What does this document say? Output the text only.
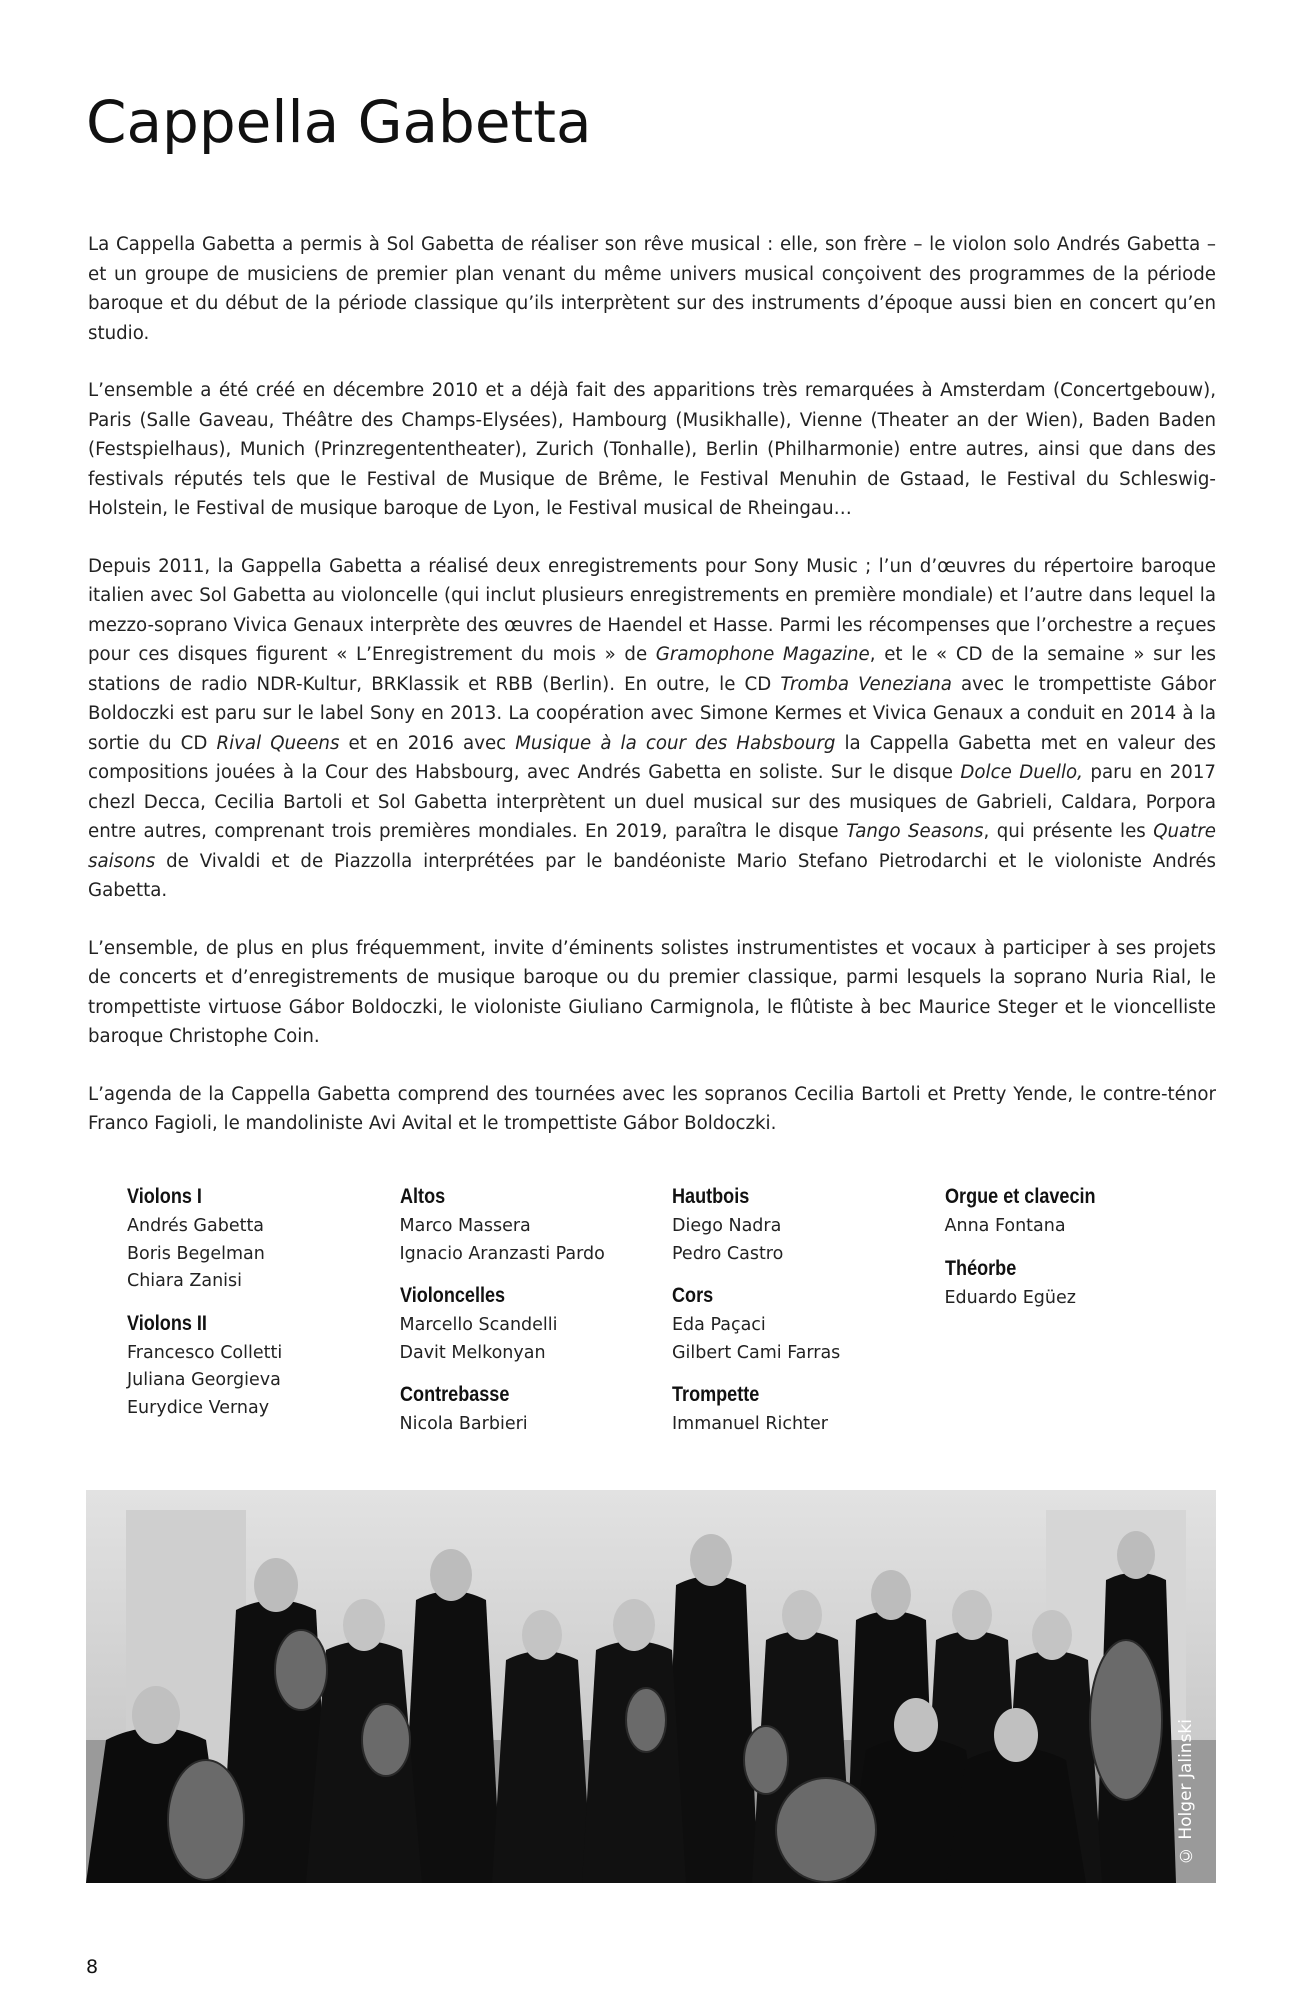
Cappella Gabetta

La Cappella Gabetta a permis à Sol Gabetta de réaliser son rêve musical : elle, son frère – le violon solo Andrés Gabetta – et un groupe de musiciens de premier plan venant du même univers musical conçoivent des programmes de la période baroque et du début de la période classique qu’ils interprètent sur des instruments d’époque aussi bien en concert qu’en studio.

L’ensemble a été créé en décembre 2010 et a déjà fait des apparitions très remarquées à Amsterdam (Concertgebouw), Paris (Salle Gaveau, Théâtre des Champs-Elysées), Hambourg (Musikhalle), Vienne (Theater an der Wien), Baden Baden (Festspielhaus), Munich (Prinzregententheater), Zurich (Tonhalle), Berlin (Philharmonie) entre autres, ainsi que dans des festivals réputés tels que le Festival de Musique de Brême, le Festival Menuhin de Gstaad, le Festival du Schleswig-Holstein, le Festival de musique baroque de Lyon, le Festival musical de Rheingau…

Depuis 2011, la Gappella Gabetta a réalisé deux enregistrements pour Sony Music ; l’un d’œuvres du répertoire baroque italien avec Sol Gabetta au violoncelle (qui inclut plusieurs enregistrements en première mondiale) et l’autre dans lequel la mezzo-soprano Vivica Genaux interprète des œuvres de Haendel et Hasse. Parmi les récompenses que l’orchestre a reçues pour ces disques figurent « L’Enregistrement du mois » de Gramophone Magazine, et le « CD de la semaine » sur les stations de radio NDR-Kultur, BRKlassik et RBB (Berlin). En outre, le CD Tromba Veneziana avec le trompettiste Gábor Boldoczki est paru sur le label Sony en 2013. La coopération avec Simone Kermes et Vivica Genaux a conduit en 2014 à la sortie du CD Rival Queens et en 2016 avec Musique à la cour des Habsbourg la Cappella Gabetta met en valeur des compositions jouées à la Cour des Habsbourg, avec Andrés Gabetta en soliste. Sur le disque Dolce Duello, paru en 2017 chezl Decca, Cecilia Bartoli et Sol Gabetta interprètent un duel musical sur des musiques de Gabrieli, Caldara, Porpora entre autres, comprenant trois premières mondiales. En 2019, paraîtra le disque Tango Seasons, qui présente les Quatre saisons de Vivaldi et de Piazzolla interprétées par le bandéoniste Mario Stefano Pietrodarchi et le violoniste Andrés Gabetta.

L’ensemble, de plus en plus fréquemment, invite d’éminents solistes instrumentistes et vocaux à participer à ses projets de concerts et d’enregistrements de musique baroque ou du premier classique, parmi lesquels la soprano Nuria Rial, le trompettiste virtuose Gábor Boldoczki, le violoniste Giuliano Carmignola, le flûtiste à bec Maurice Steger et le vioncelliste baroque Christophe Coin.

L’agenda de la Cappella Gabetta comprend des tournées avec les sopranos Cecilia Bartoli et Pretty Yende, le contre-ténor Franco Fagioli, le mandoliniste Avi Avital et le trompettiste Gábor Boldoczki.

Violons I
Andrés Gabetta
Boris Begelman
Chiara Zanisi
Violons II
Francesco Colletti
Juliana Georgieva
Eurydice Vernay
Altos
Marco Massera
Ignacio Aranzasti Pardo
Violoncelles
Marcello Scandelli
Davit Melkonyan
Contrebasse
Nicola Barbieri
Hautbois
Diego Nadra
Pedro Castro
Cors
Eda Paçaci
Gilbert Cami Farras
Trompette
Immanuel Richter
Orgue et clavecin
Anna Fontana
Théorbe
Eduardo Egüez
© Holger Jalinski
8
